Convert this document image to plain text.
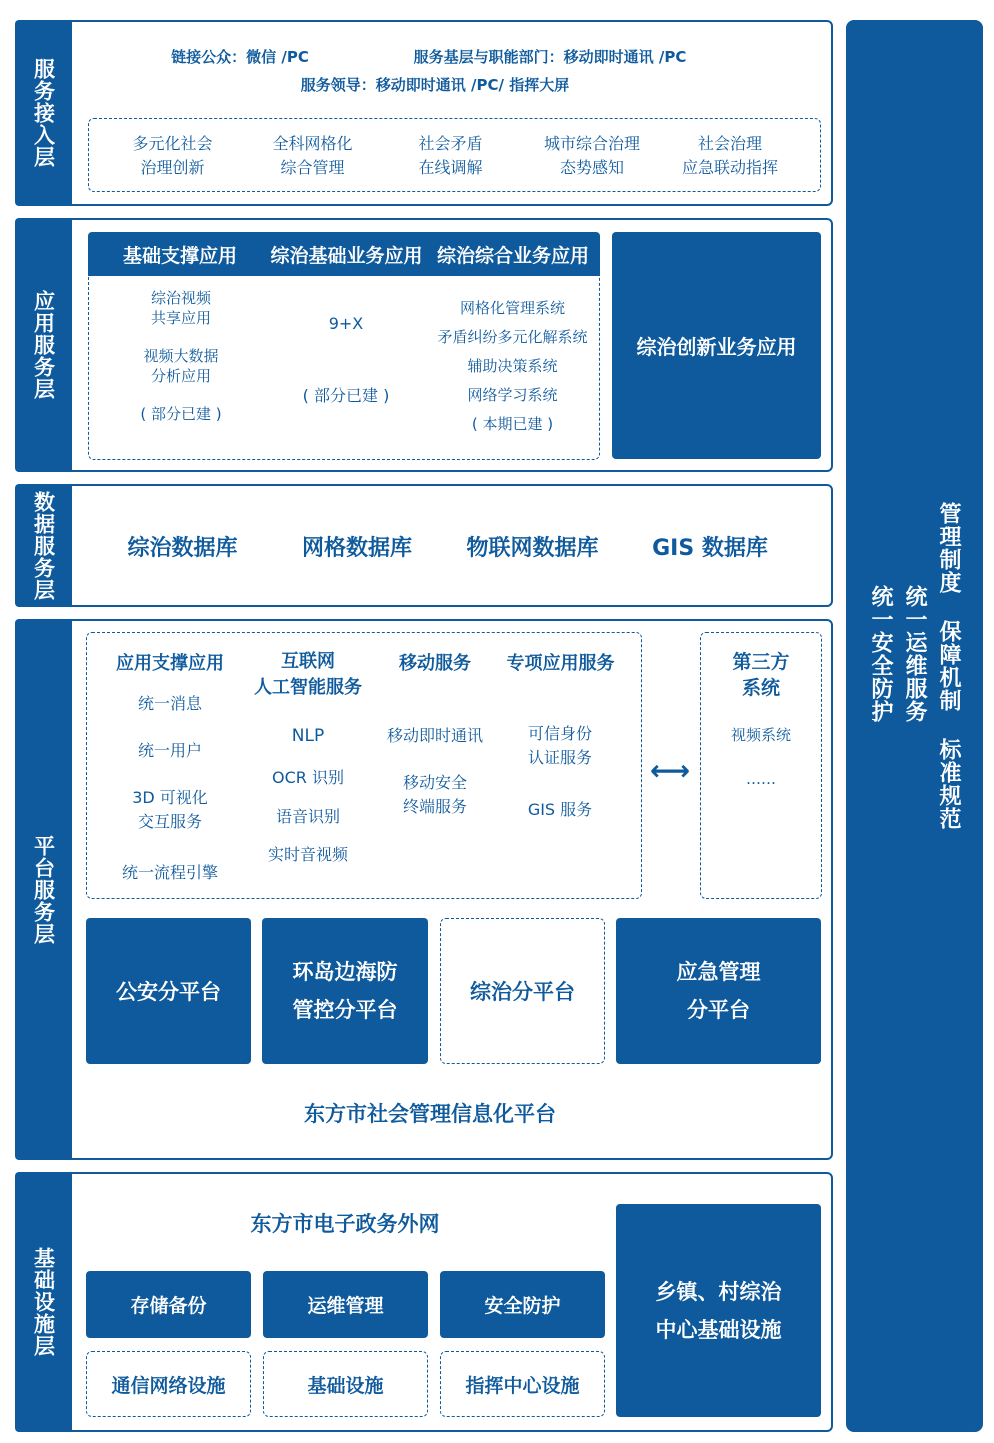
服务接入层
链接公众：微信 /PC	服务基层与职能部门：移动即时通讯 /PC
服务领导：移动即时通讯 /PC/ 指挥大屏
多元化社会
治理创新
全科网格化
综合管理
社会矛盾
在线调解
城市综合治理
态势感知
社会治理
应急联动指挥
应用服务层
基础支撑应用	综治基础业务应用 综治综合业务应用
综治视频
共享应用
视频大数据
分析应用
( 部分已建 )
9+X
( 部分已建 )
网格化管理系统
矛盾纠纷多元化解系统
辅助决策系统
网络学习系统
( 本期已建 )
综治创新业务应用
数据服务层	综治数据库	网格数据库	物联网数据库	GIS 数据库
平台服务层
应用支撑应用
统一消息
统一用户
3D 可视化
交互服务
统一流程引擎
互联网
人工智能服务
NLP
OCR 识别
语音识别
实时音视频
移动服务
移动即时通讯
移动安全
终端服务
专项应用服务
可信身份
认证服务
GIS 服务
⟷
第三方
系统
视频系统
……
公安分平台
环岛边海防
管控分平台
综治分平台
应急管理
分平台
东方市社会管理信息化平台
基础设施层
东方市电子政务外网
存储备份	运维管理	安全防护
通信网络设施	基础设施	指挥中心设施
乡镇、村综治
中心基础设施
管理制度 保障机制 标准规范
统一运维服务
统一安全防护
